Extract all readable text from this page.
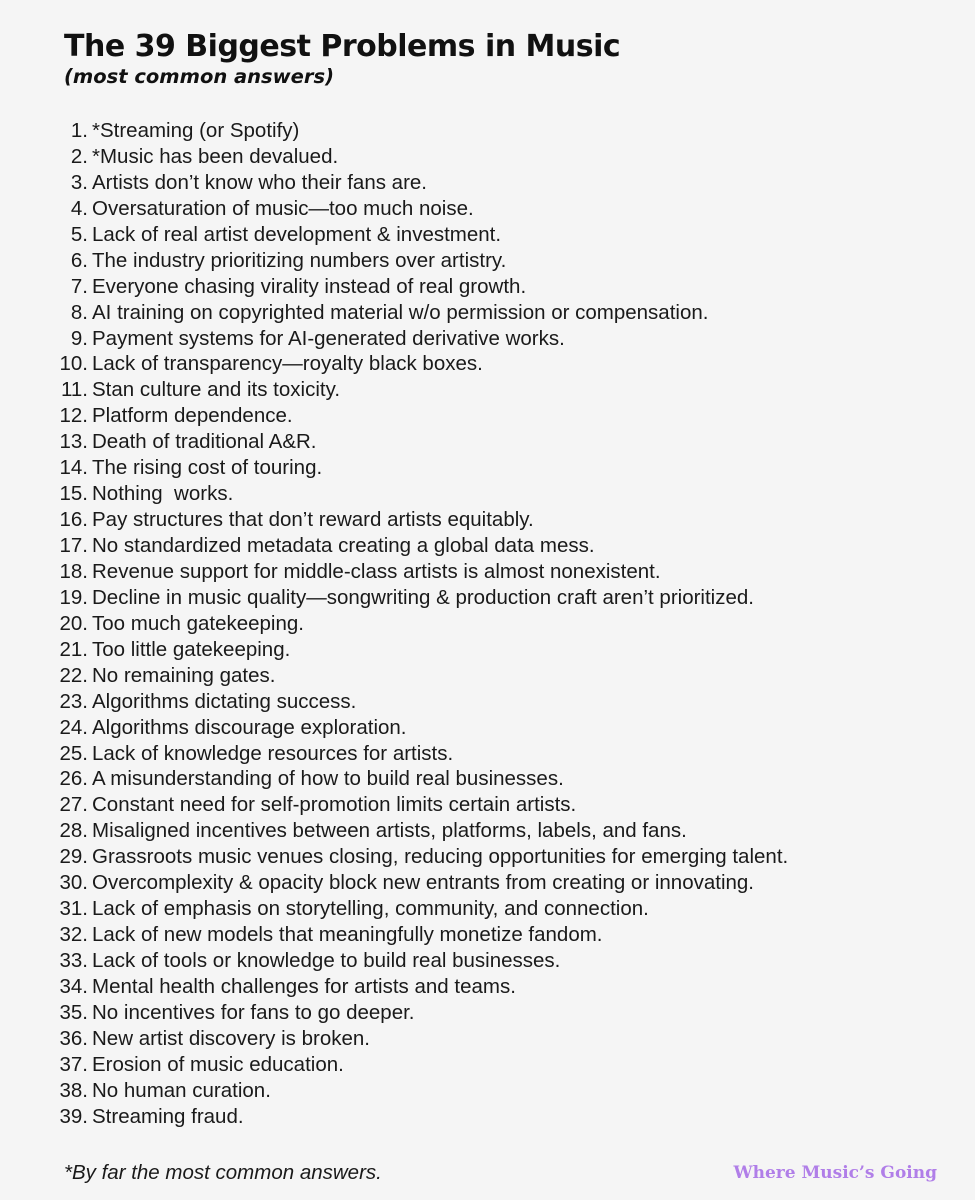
The 39 Biggest Problems in Music
(most common answers)
1. *Streaming (or Spotify)
2. *Music has been devalued.
3. Artists don’t know who their fans are.
4. Oversaturation of music—too much noise.
5. Lack of real artist development & investment.
6. The industry prioritizing numbers over artistry.
7. Everyone chasing virality instead of real growth.
8. AI training on copyrighted material w/o permission or compensation.
9. Payment systems for AI-generated derivative works.
10. Lack of transparency—royalty black boxes.
11. Stan culture and its toxicity.
12. Platform dependence.
13. Death of traditional A&R.
14. The rising cost of touring.
15. Nothing  works.
16. Pay structures that don’t reward artists equitably.
17. No standardized metadata creating a global data mess.
18. Revenue support for middle-class artists is almost nonexistent.
19. Decline in music quality—songwriting & production craft aren’t prioritized.
20. Too much gatekeeping.
21. Too little gatekeeping.
22. No remaining gates.
23. Algorithms dictating success.
24. Algorithms discourage exploration.
25. Lack of knowledge resources for artists.
26. A misunderstanding of how to build real businesses.
27. Constant need for self-promotion limits certain artists.
28. Misaligned incentives between artists, platforms, labels, and fans.
29. Grassroots music venues closing, reducing opportunities for emerging talent.
30. Overcomplexity & opacity block new entrants from creating or innovating.
31. Lack of emphasis on storytelling, community, and connection.
32. Lack of new models that meaningfully monetize fandom.
33. Lack of tools or knowledge to build real businesses.
34. Mental health challenges for artists and teams.
35. No incentives for fans to go deeper.
36. New artist discovery is broken.
37. Erosion of music education.
38. No human curation.
39. Streaming fraud.
*By far the most common answers.	Where Music’s Going
